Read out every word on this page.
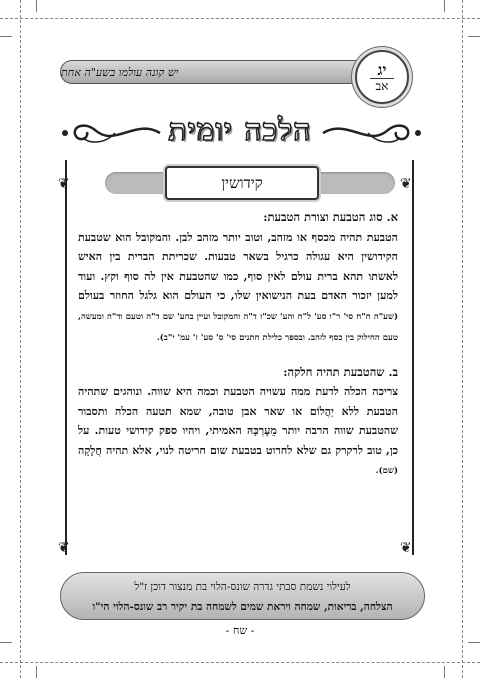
יש קונה עולמו בשע"ה אחת	יג
אב
הלכה יומית
❦	❦
❦	❦
קידושין
א. סוג הטבעת וצורת הטבעת:

הטבעת תהיה מכסף או מזהב, וטוב יותר מזהב לבן. והמקובל הוא שטבעת הקידושין היא עגולה כרגיל בשאר טבעות. שכריתת הברית בין האיש לאשתו תהא ברית עולם לאין סוף, כמו שהטבעת אין לה סוף וקץ. ועוד למען יזכור האדם בעת הנישואין שלו, כי העולם הוא גלגל החוזר בעולם (שע"ה ח"ח סי' ר"ו סע' ל"ח והע' שכ"ז ד"ה והמקובל ועיין בהע' שם ד"ה וטעם וד"ה ומעשה, טעם החילוק בין כסף לזהב. ובספר כלילת חתנים סי' ס' סע' ז' עמ' י"ב).

ב. שהטבעת תהיה חלקה:

צריכה הכלה לדעת ממה עשויה הטבעת וכמה היא שווה. ונוהגים שתהיה הטבעת ללא יַהֲלוֹם או שאר אבן טובה, שמא תטעה הכלה ותסבור שהטבעת שווה הרבה יותר מֵעֶרְכָּהּ האמיתי, ויהיו ספק קידושי טעות. על כן, טוב לרקרק גם שלא לחרוט בטבעת שום חריטה לנוי, אלא תהיה חֲלָקָה (שם).

לעילוי נשמת סבתי גדרה שונס-הלוי בת מנצור דוכן ז"ל
הצלחה, בריאות, שמחה ויראת שמים לשמחה בת יקיר רב שונס-הלוי הי"ו
- שח -
